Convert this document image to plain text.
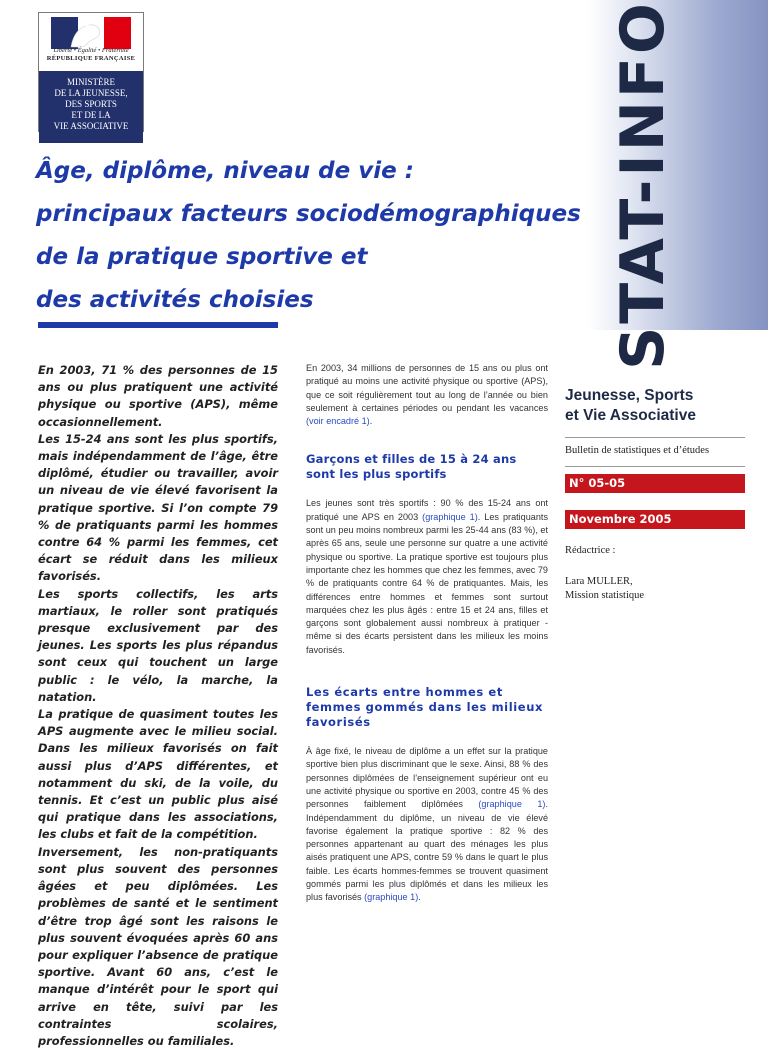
STAT-INFO
Liberté • Égalité • Fraternité
RÉPUBLIQUE FRANÇAISE
MINISTÈRE
DE LA JEUNESSE,
DES SPORTS
ET DE LA
VIE ASSOCIATIVE
Âge, diplôme, niveau de vie :
principaux facteurs sociodémographiques
de la pratique sportive et
des activités choisies

En 2003, 71 % des personnes de 15 ans ou plus pratiquent une activité physique ou sportive (APS), même occasionnellement.

Les 15-24 ans sont les plus sportifs, mais indépendamment de l’âge, être diplômé, étudier ou travailler, avoir un niveau de vie élevé favorisent la pratique sportive. Si l’on compte 79 % de pratiquants parmi les hommes contre 64 % parmi les femmes, cet écart se réduit dans les milieux favorisés.

Les sports collectifs, les arts martiaux, le roller sont pratiqués presque exclusivement par des jeunes. Les sports les plus répandus sont ceux qui touchent un large public : le vélo, la marche, la natation.

La pratique de quasiment toutes les APS augmente avec le milieu social. Dans les milieux favorisés on fait aussi plus d’APS différentes, et notamment du ski, de la voile, du tennis. Et c’est un public plus aisé qui pratique dans les associations, les clubs et fait de la compétition.

Inversement, les non-pratiquants sont plus souvent des personnes âgées et peu diplômées. Les problèmes de santé et le sentiment d’être trop âgé sont les raisons le plus souvent évoquées après 60 ans pour expliquer l’absence de pratique sportive. Avant 60 ans, c’est le manque d’intérêt pour le sport qui arrive en tête, suivi par les contraintes scolaires, professionnelles ou familiales.

En 2003, 34 millions de personnes de 15 ans ou plus ont pratiqué au moins une activité physique ou sportive (APS), que ce soit régulièrement tout au long de l’année ou bien seulement à certaines périodes ou pendant les vacances (voir encadré 1).

Garçons et filles de 15 à 24 ans sont les plus sportifs

Les jeunes sont très sportifs : 90 % des 15-24 ans ont pratiqué une APS en 2003 (graphique 1). Les pratiquants sont un peu moins nombreux parmi les 25-44 ans (83 %), et après 65 ans, seule une personne sur quatre a une activité physique ou sportive. La pratique sportive est toujours plus importante chez les hommes que chez les femmes, avec 79 % de pratiquants contre 64 % de pratiquantes. Mais, les différences entre hommes et femmes sont surtout marquées chez les plus âgés : entre 15 et 24 ans, filles et garçons sont globalement aussi nombreux à pratiquer - même si des écarts persistent dans les milieux les moins favorisés.

Les écarts entre hommes et femmes gommés dans les milieux favorisés

À âge fixé, le niveau de diplôme a un effet sur la pratique sportive bien plus discriminant que le sexe. Ainsi, 88 % des personnes diplômées de l’enseignement supérieur ont eu une activité physique ou sportive en 2003, contre 45 % des personnes faiblement diplômées (graphique 1). Indépendamment du diplôme, un niveau de vie élevé favorise également la pratique sportive : 82 % des personnes appartenant au quart des ménages les plus aisés pratiquent une APS, contre 59 % dans le quart le plus faible. Les écarts hommes-femmes se trouvent quasiment gommés parmi les plus diplômés et dans les milieux les plus favorisés (graphique 1).

Jeunesse, Sports
et Vie Associative
Bulletin de statistiques et d’études
N° 05-05
Novembre 2005
Rédactrice :
Lara MULLER,
Mission statistique
